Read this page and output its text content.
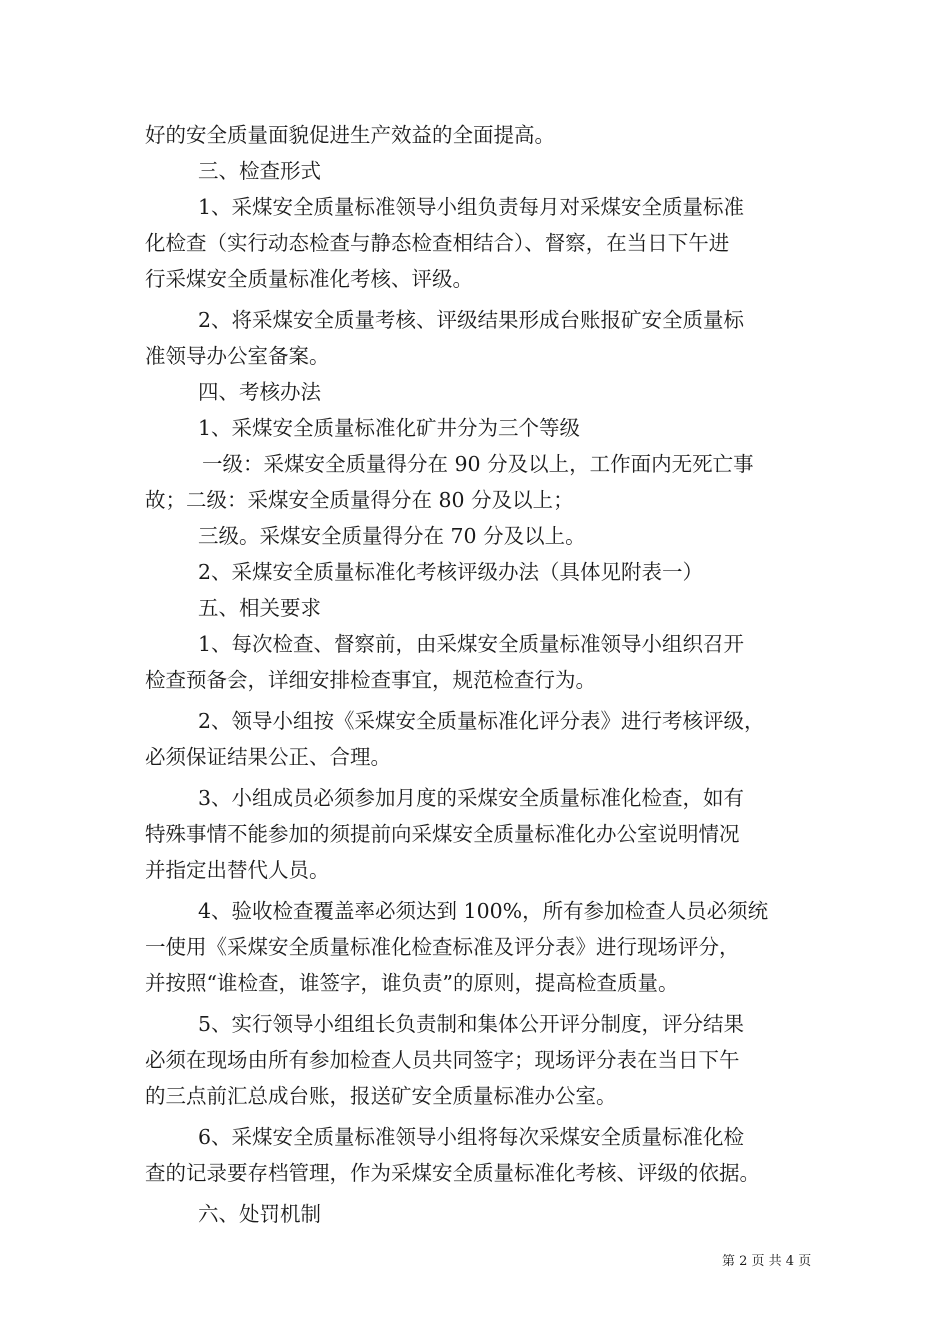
好的安全质量面貌促进生产效益的全面提高。

三、检查形式

1、采煤安全质量标准领导小组负责每月对采煤安全质量标准

化检查（实行动态检查与静态检查相结合）、督察，在当日下午进

行采煤安全质量标准化考核、评级。

2、将采煤安全质量考核、评级结果形成台账报矿安全质量标

准领导办公室备案。

四、考核办法

1、采煤安全质量标准化矿井分为三个等级

一级：采煤安全质量得分在 90 分及以上，工作面内无死亡事

故；二级：采煤安全质量得分在 80 分及以上；

三级。采煤安全质量得分在 70 分及以上。

2、采煤安全质量标准化考核评级办法（具体见附表一）

五、相关要求

1、每次检查、督察前，由采煤安全质量标准领导小组织召开

检查预备会，详细安排检查事宜，规范检查行为。

2、领导小组按《采煤安全质量标准化评分表》进行考核评级，

必须保证结果公正、合理。

3、小组成员必须参加月度的采煤安全质量标准化检查，如有

特殊事情不能参加的须提前向采煤安全质量标准化办公室说明情况

并指定出替代人员。

4、验收检查覆盖率必须达到 100%，所有参加检查人员必须统

一使用《采煤安全质量标准化检查标准及评分表》进行现场评分，

并按照“谁检查，谁签字，谁负责”的原则，提高检查质量。

5、实行领导小组组长负责制和集体公开评分制度，评分结果

必须在现场由所有参加检查人员共同签字；现场评分表在当日下午

的三点前汇总成台账，报送矿安全质量标准办公室。

6、采煤安全质量标准领导小组将每次采煤安全质量标准化检

查的记录要存档管理，作为采煤安全质量标准化考核、评级的依据。

六、处罚机制

第 2 页 共 4 页
